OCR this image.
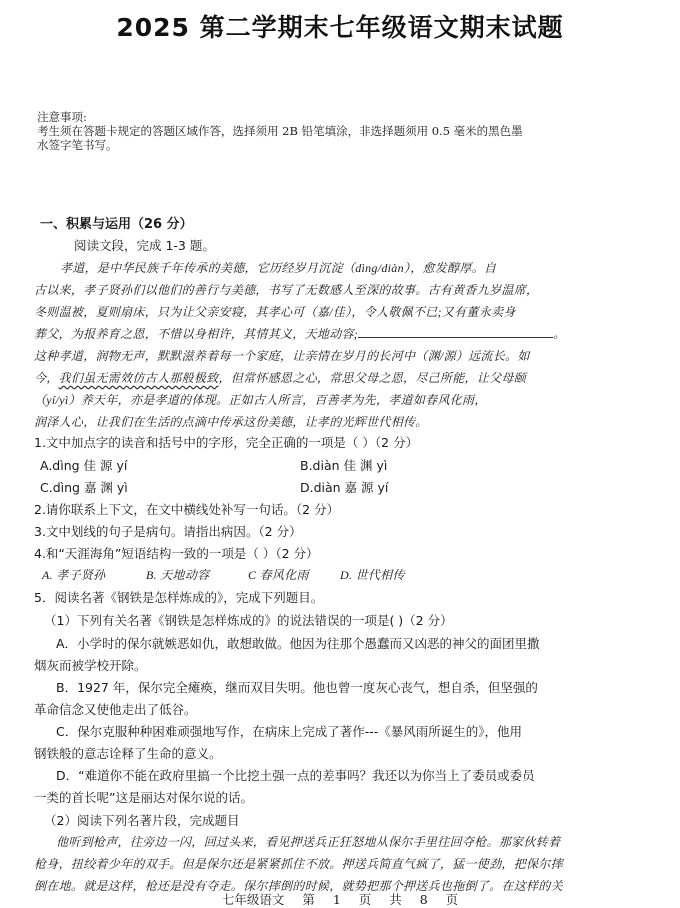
2025 第二学期末七年级语文期末试题
注意事项:
考生须在答题卡规定的答题区域作答，选择须用 2B 铅笔填涂，非选择题须用 0.5 毫米的黑色墨
水签字笔书写。
一、积累与运用（26 分）
阅读文段，完成 1-3 题。
孝道，是中华民族千年传承的美德，它历经岁月沉淀（dìng/diàn），愈发醇厚。自
古以来，孝子贤孙们以他们的善行与美德，书写了无数感人至深的故事。古有黄香九岁温席，
冬则温被，夏则扇床，只为让父亲安寝，其孝心可（嘉/佳），令人敬佩不已;又有董永卖身
葬父，为报养育之恩，不惜以身相许，其情其义，天地动容;	。
这种孝道，润物无声，默默滋养着每一个家庭，让亲情在岁月的长河中（渊/源）远流长。如
今，我们虽无需效仿古人那般极致，但常怀感恩之心，常思父母之恩，尽己所能，让父母颐
（yí/yì）养天年，亦是孝道的体现。正如古人所言，百善孝为先，孝道如春风化雨，
润泽人心，让我们在生活的点滴中传承这份美德，让孝的光辉世代相传。
1.文中加点字的读音和括号中的字形，完全正确的一项是（ ）（2 分）
A.dìng 佳 源 yí	B.diàn 佳 渊 yì
C.dìng 嘉 渊 yì	D.diàn 嘉 源 yí
2.请你联系上下文，在文中横线处补写一句话。（2 分）
3.文中划线的句子是病句。请指出病因。（2 分）
4.和“天涯海角”短语结构一致的一项是（ ）（2 分）
A. 孝子贤孙	B. 天地动容	C 春风化雨	D. 世代相传
5．阅读名著《钢铁是怎样炼成的》，完成下列题目。
（1）下列有关名著《钢铁是怎样炼成的》的说法错误的一项是( )（2 分）
A．小学时的保尔就嫉恶如仇，敢想敢做。他因为往那个愚蠢而又凶恶的神父的面团里撒
烟灰而被学校开除。
B．1927 年，保尔完全瘫痪，继而双目失明。他也曾一度灰心丧气，想自杀，但坚强的
革命信念又使他走出了低谷。
C．保尔克服种种困难顽强地写作，在病床上完成了著作---《暴风雨所诞生的》，他用
钢铁般的意志诠释了生命的意义。
D．“难道你不能在政府里搞一个比挖土强一点的差事吗？我还以为你当上了委员或委员
一类的首长呢”这是丽达对保尔说的话。
（2）阅读下列名著片段，完成题目
他听到枪声，往旁边一闪，回过头来，看见押送兵正狂怒地从保尔手里往回夺枪。那家伙转着
枪身，扭绞着少年的双手。但是保尔还是紧紧抓住不放。押送兵简直气疯了，猛一使劲，把保尔摔
倒在地。就是这样，枪还是没有夺走。保尔摔倒的时候，就势把那个押送兵也拖倒了。在这样的关
七年级语文 第 1 页 共 8 页
